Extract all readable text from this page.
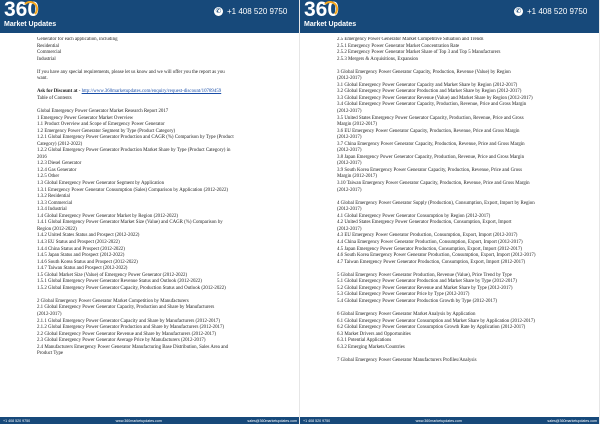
360
Market Updates
✆ +1 408 520 9750

Generator for each application, including

Residential

Commercial

Industrial

If you have any special requirements, please let us know and we will offer you the report as you

want.

Ask for Discount at - http://www.360marketupdates.com/enquiry/request-discount/10789459

Table of Contents

Global Emergency Power Generator Market Research Report 2017

1 Emergency Power Generator Market Overview

1.1 Product Overview and Scope of Emergency Power Generator

1.2 Emergency Power Generator Segment by Type (Product Category)

1.2.1 Global Emergency Power Generator Production and CAGR (%) Comparison by Type (Product

Category) (2012-2022)

1.2.2 Global Emergency Power Generator Production Market Share by Type (Product Category) in

2016

1.2.3 Diesel Generator

1.2.4 Gas Generator

1.2.5 Other

1.3 Global Emergency Power Generator Segment by Application

1.3.1 Emergency Power Generator Consumption (Sales) Comparison by Application (2012-2022)

1.3.2 Residential

1.3.3 Commercial

1.3.4 Industrial

1.4 Global Emergency Power Generator Market by Region (2012-2022)

1.4.1 Global Emergency Power Generator Market Size (Value) and CAGR (%) Comparison by

Region (2012-2022)

1.4.2 United States Status and Prospect (2012-2022)

1.4.3 EU Status and Prospect (2012-2022)

1.4.4 China Status and Prospect (2012-2022)

1.4.5 Japan Status and Prospect (2012-2022)

1.4.6 South Korea Status and Prospect (2012-2022)

1.4.7 Taiwan Status and Prospect (2012-2022)

1.5 Global Market Size (Value) of Emergency Power Generator (2012-2022)

1.5.1 Global Emergency Power Generator Revenue Status and Outlook (2012-2022)

1.5.2 Global Emergency Power Generator Capacity, Production Status and Outlook (2012-2022)

2 Global Emergency Power Generator Market Competition by Manufacturers

2.1 Global Emergency Power Generator Capacity, Production and Share by Manufacturers

(2012-2017)

2.1.1 Global Emergency Power Generator Capacity and Share by Manufacturers (2012-2017)

2.1.2 Global Emergency Power Generator Production and Share by Manufacturers (2012-2017)

2.2 Global Emergency Power Generator Revenue and Share by Manufacturers (2012-2017)

2.3 Global Emergency Power Generator Average Price by Manufacturers (2012-2017)

2.4 Manufacturers Emergency Power Generator Manufacturing Base Distribution, Sales Area and

Product Type

+1 408 520 9750	www.360marketupdates.com	sales@360marketupdates.com
360
Market Updates
✆ +1 408 520 9750

2.5 Emergency Power Generator Market Competitive Situation and Trends

2.5.1 Emergency Power Generator Market Concentration Rate

2.5.2 Emergency Power Generator Market Share of Top 3 and Top 5 Manufacturers

2.5.3 Mergers & Acquisitions, Expansion

3 Global Emergency Power Generator Capacity, Production, Revenue (Value) by Region

(2012-2017)

3.1 Global Emergency Power Generator Capacity and Market Share by Region (2012-2017)

3.2 Global Emergency Power Generator Production and Market Share by Region (2012-2017)

3.3 Global Emergency Power Generator Revenue (Value) and Market Share by Region (2012-2017)

3.4 Global Emergency Power Generator Capacity, Production, Revenue, Price and Gross Margin

(2012-2017)

3.5 United States Emergency Power Generator Capacity, Production, Revenue, Price and Gross

Margin (2012-2017)

3.6 EU Emergency Power Generator Capacity, Production, Revenue, Price and Gross Margin

(2012-2017)

3.7 China Emergency Power Generator Capacity, Production, Revenue, Price and Gross Margin

(2012-2017)

3.8 Japan Emergency Power Generator Capacity, Production, Revenue, Price and Gross Margin

(2012-2017)

3.9 South Korea Emergency Power Generator Capacity, Production, Revenue, Price and Gross

Margin (2012-2017)

3.10 Taiwan Emergency Power Generator Capacity, Production, Revenue, Price and Gross Margin

(2012-2017)

4 Global Emergency Power Generator Supply (Production), Consumption, Export, Import by Region

(2012-2017)

4.1 Global Emergency Power Generator Consumption by Region (2012-2017)

4.2 United States Emergency Power Generator Production, Consumption, Export, Import

(2012-2017)

4.3 EU Emergency Power Generator Production, Consumption, Export, Import (2012-2017)

4.4 China Emergency Power Generator Production, Consumption, Export, Import (2012-2017)

4.5 Japan Emergency Power Generator Production, Consumption, Export, Import (2012-2017)

4.6 South Korea Emergency Power Generator Production, Consumption, Export, Import (2012-2017)

4.7 Taiwan Emergency Power Generator Production, Consumption, Export, Import (2012-2017)

5 Global Emergency Power Generator Production, Revenue (Value), Price Trend by Type

5.1 Global Emergency Power Generator Production and Market Share by Type (2012-2017)

5.2 Global Emergency Power Generator Revenue and Market Share by Type (2012-2017)

5.3 Global Emergency Power Generator Price by Type (2012-2017)

5.4 Global Emergency Power Generator Production Growth by Type (2012-2017)

6 Global Emergency Power Generator Market Analysis by Application

6.1 Global Emergency Power Generator Consumption and Market Share by Application (2012-2017)

6.2 Global Emergency Power Generator Consumption Growth Rate by Application (2012-2017)

6.3 Market Drivers and Opportunities

6.3.1 Potential Applications

6.3.2 Emerging Markets/Countries

7 Global Emergency Power Generator Manufacturers Profiles/Analysis

+1 408 520 9750	www.360marketupdates.com	sales@360marketupdates.com
